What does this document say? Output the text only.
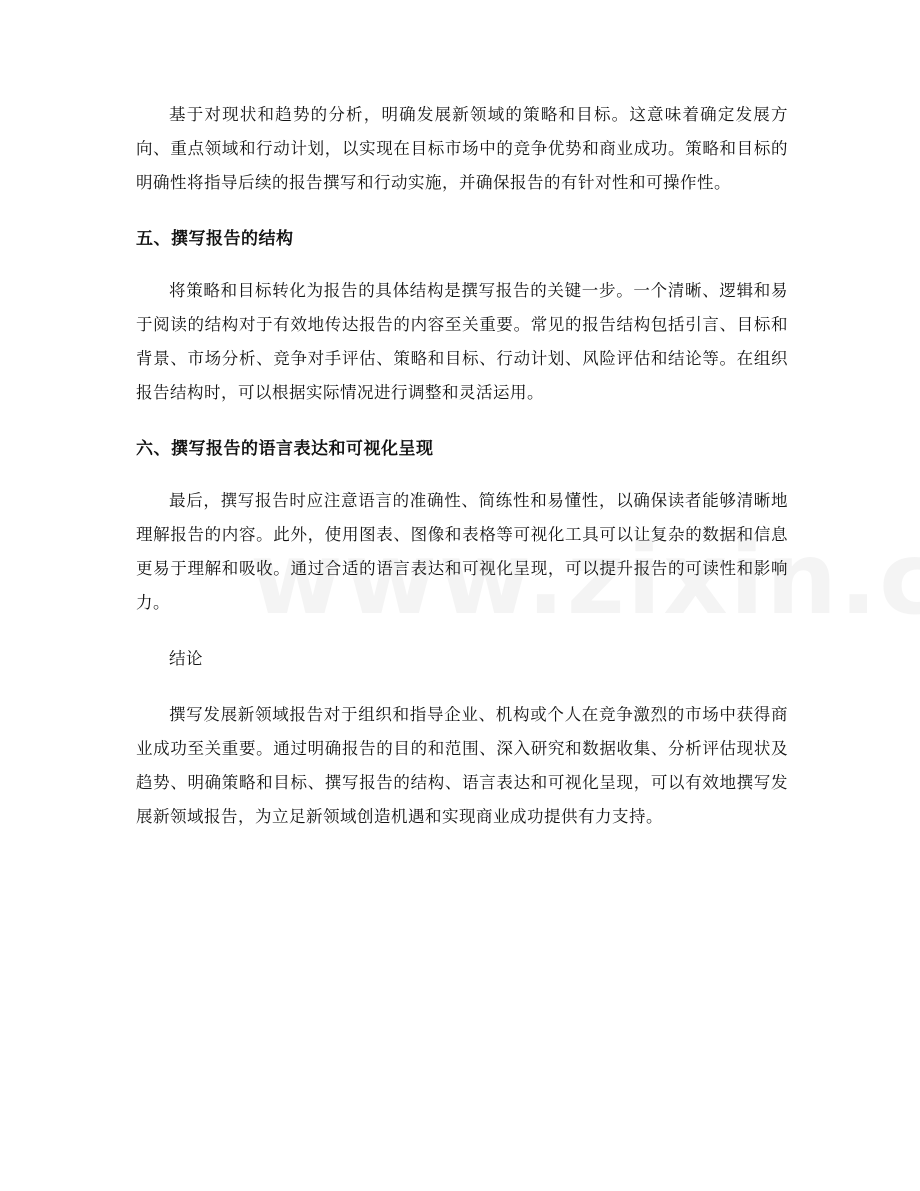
基于对现状和趋势的分析，明确发展新领域的策略和目标。这意味着确定发展方向、重点领域和行动计划，以实现在目标市场中的竞争优势和商业成功。策略和目标的明确性将指导后续的报告撰写和行动实施，并确保报告的有针对性和可操作性。

五、撰写报告的结构

将策略和目标转化为报告的具体结构是撰写报告的关键一步。一个清晰、逻辑和易于阅读的结构对于有效地传达报告的内容至关重要。常见的报告结构包括引言、目标和背景、市场分析、竞争对手评估、策略和目标、行动计划、风险评估和结论等。在组织报告结构时，可以根据实际情况进行调整和灵活运用。

六、撰写报告的语言表达和可视化呈现

最后，撰写报告时应注意语言的准确性、简练性和易懂性，以确保读者能够清晰地理解报告的内容。此外，使用图表、图像和表格等可视化工具可以让复杂的数据和信息更易于理解和吸收。通过合适的语言表达和可视化呈现，可以提升报告的可读性和影响力。

结论

撰写发展新领域报告对于组织和指导企业、机构或个人在竞争激烈的市场中获得商业成功至关重要。通过明确报告的目的和范围、深入研究和数据收集、分析评估现状及趋势、明确策略和目标、撰写报告的结构、语言表达和可视化呈现，可以有效地撰写发展新领域报告，为立足新领域创造机遇和实现商业成功提供有力支持。
